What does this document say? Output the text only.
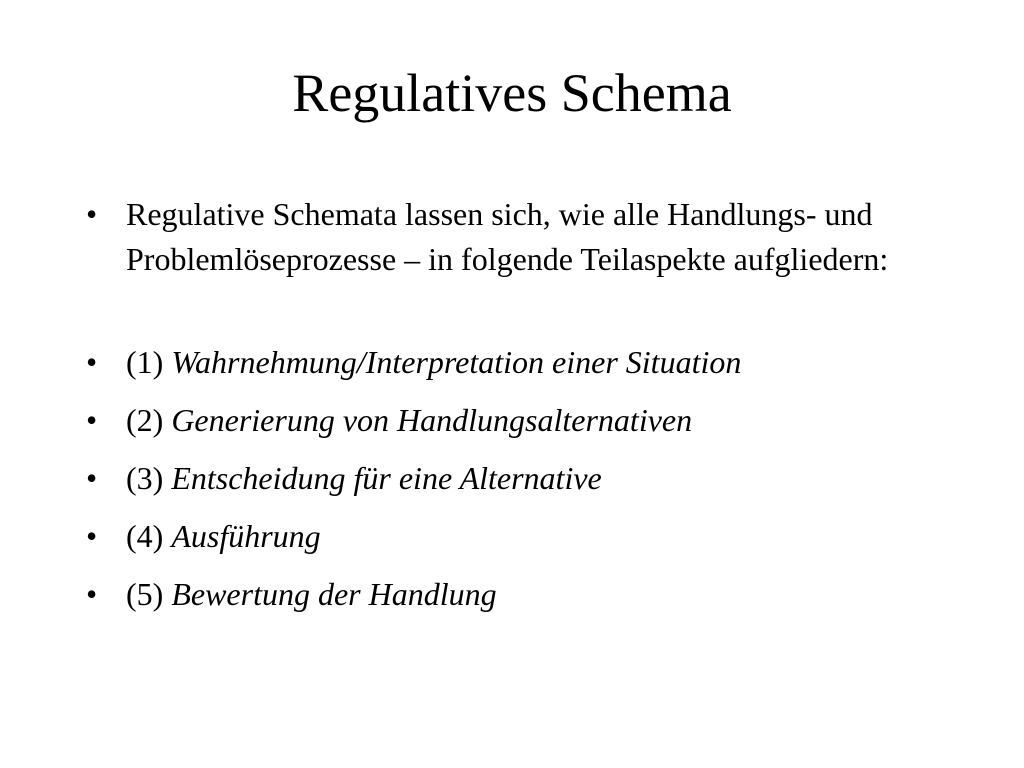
Regulatives Schema
• Regulative Schemata lassen sich, wie alle Handlungs- und Problemlöseprozesse – in folgende Teilaspekte aufgliedern:
• (1) Wahrnehmung/Interpretation einer Situation
• (2) Generierung von Handlungsalternativen
• (3) Entscheidung für eine Alternative
• (4) Ausführung
• (5) Bewertung der Handlung
